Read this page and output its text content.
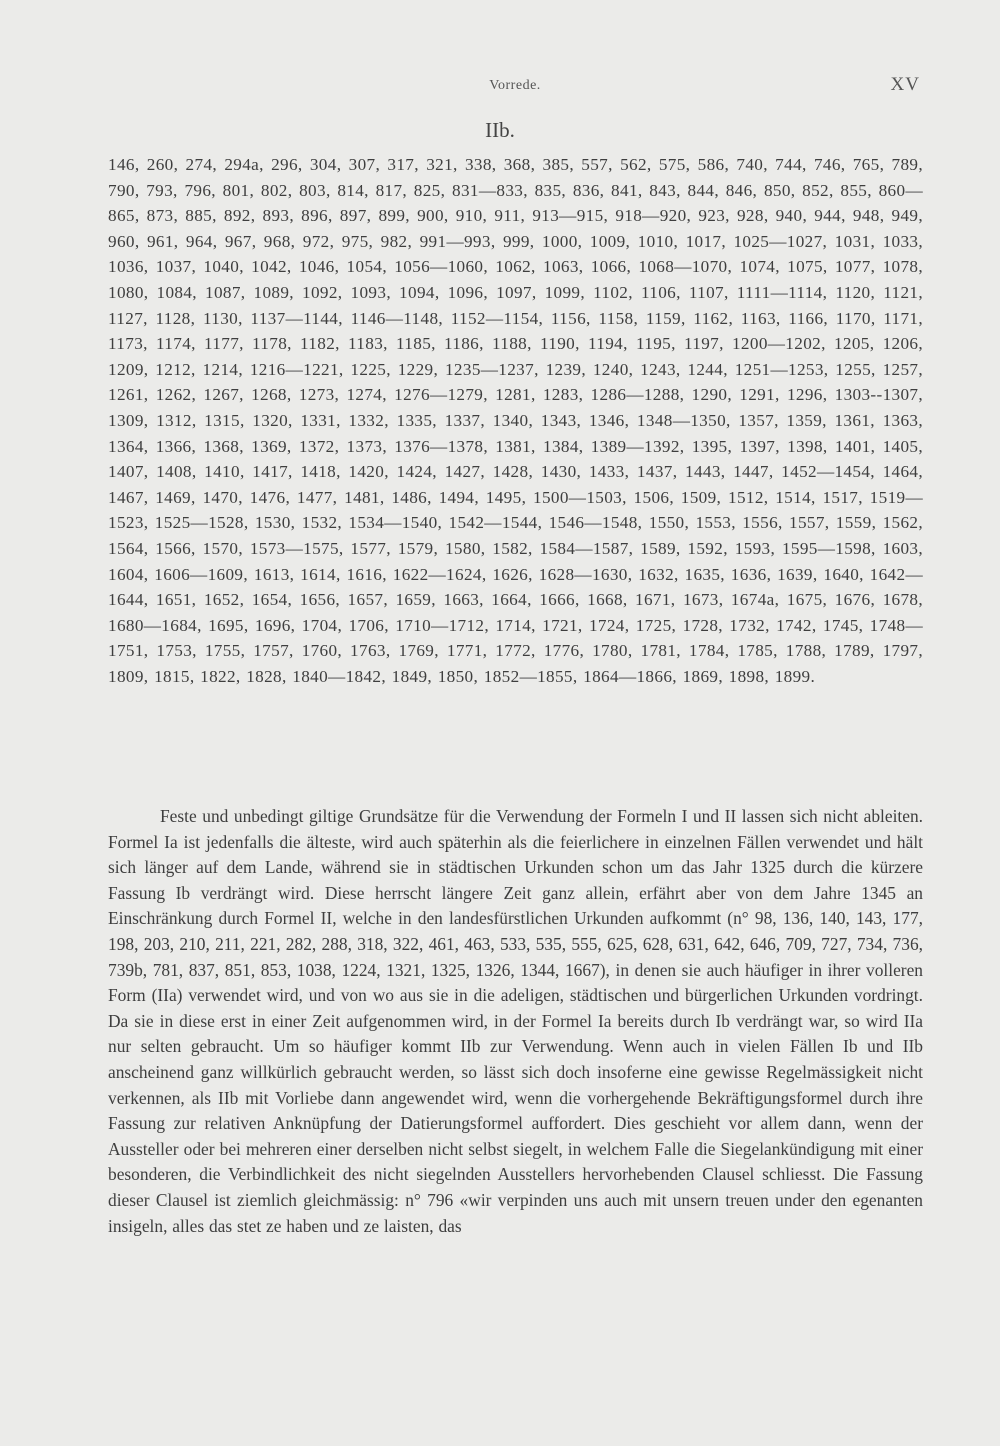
Vorrede.	XV
IIb.
146, 260, 274, 294a, 296, 304, 307, 317, 321, 338, 368, 385, 557, 562, 575, 586, 740, 744, 746, 765, 789, 790, 793, 796, 801, 802, 803, 814, 817, 825, 831—833, 835, 836, 841, 843, 844, 846, 850, 852, 855, 860—865, 873, 885, 892, 893, 896, 897, 899, 900, 910, 911, 913—915, 918—920, 923, 928, 940, 944, 948, 949, 960, 961, 964, 967, 968, 972, 975, 982, 991—993, 999, 1000, 1009, 1010, 1017, 1025—1027, 1031, 1033, 1036, 1037, 1040, 1042, 1046, 1054, 1056—1060, 1062, 1063, 1066, 1068—1070, 1074, 1075, 1077, 1078, 1080, 1084, 1087, 1089, 1092, 1093, 1094, 1096, 1097, 1099, 1102, 1106, 1107, 1111—1114, 1120, 1121, 1127, 1128, 1130, 1137—1144, 1146—1148, 1152—1154, 1156, 1158, 1159, 1162, 1163, 1166, 1170, 1171, 1173, 1174, 1177, 1178, 1182, 1183, 1185, 1186, 1188, 1190, 1194, 1195, 1197, 1200—1202, 1205, 1206, 1209, 1212, 1214, 1216—1221, 1225, 1229, 1235—1237, 1239, 1240, 1243, 1244, 1251—1253, 1255, 1257, 1261, 1262, 1267, 1268, 1273, 1274, 1276—1279, 1281, 1283, 1286—1288, 1290, 1291, 1296, 1303--1307, 1309, 1312, 1315, 1320, 1331, 1332, 1335, 1337, 1340, 1343, 1346, 1348—1350, 1357, 1359, 1361, 1363, 1364, 1366, 1368, 1369, 1372, 1373, 1376—1378, 1381, 1384, 1389—1392, 1395, 1397, 1398, 1401, 1405, 1407, 1408, 1410, 1417, 1418, 1420, 1424, 1427, 1428, 1430, 1433, 1437, 1443, 1447, 1452—1454, 1464, 1467, 1469, 1470, 1476, 1477, 1481, 1486, 1494, 1495, 1500—1503, 1506, 1509, 1512, 1514, 1517, 1519—1523, 1525—1528, 1530, 1532, 1534—1540, 1542—1544, 1546—1548, 1550, 1553, 1556, 1557, 1559, 1562, 1564, 1566, 1570, 1573—1575, 1577, 1579, 1580, 1582, 1584—1587, 1589, 1592, 1593, 1595—1598, 1603, 1604, 1606—1609, 1613, 1614, 1616, 1622—1624, 1626, 1628—1630, 1632, 1635, 1636, 1639, 1640, 1642—1644, 1651, 1652, 1654, 1656, 1657, 1659, 1663, 1664, 1666, 1668, 1671, 1673, 1674a, 1675, 1676, 1678, 1680—1684, 1695, 1696, 1704, 1706, 1710—1712, 1714, 1721, 1724, 1725, 1728, 1732, 1742, 1745, 1748—1751, 1753, 1755, 1757, 1760, 1763, 1769, 1771, 1772, 1776, 1780, 1781, 1784, 1785, 1788, 1789, 1797, 1809, 1815, 1822, 1828, 1840—1842, 1849, 1850, 1852—1855, 1864—1866, 1869, 1898, 1899.

Feste und unbedingt giltige Grundsätze für die Verwendung der Formeln I und II lassen sich nicht ableiten. Formel Ia ist jedenfalls die älteste, wird auch späterhin als die feierlichere in einzelnen Fällen verwendet und hält sich länger auf dem Lande, während sie in städtischen Urkunden schon um das Jahr 1325 durch die kürzere Fassung Ib verdrängt wird. Diese herrscht längere Zeit ganz allein, erfährt aber von dem Jahre 1345 an Einschränkung durch Formel II, welche in den landesfürstlichen Urkunden aufkommt (n° 98, 136, 140, 143, 177, 198, 203, 210, 211, 221, 282, 288, 318, 322, 461, 463, 533, 535, 555, 625, 628, 631, 642, 646, 709, 727, 734, 736, 739b, 781, 837, 851, 853, 1038, 1224, 1321, 1325, 1326, 1344, 1667), in denen sie auch häufiger in ihrer volleren Form (IIa) verwendet wird, und von wo aus sie in die adeligen, städtischen und bürgerlichen Urkunden vordringt. Da sie in diese erst in einer Zeit aufgenommen wird, in der Formel Ia bereits durch Ib verdrängt war, so wird IIa nur selten gebraucht. Um so häufiger kommt IIb zur Verwendung. Wenn auch in vielen Fällen Ib und IIb anscheinend ganz willkürlich gebraucht werden, so lässt sich doch insoferne eine gewisse Regelmässigkeit nicht verkennen, als IIb mit Vorliebe dann angewendet wird, wenn die vorhergehende Bekräftigungsformel durch ihre Fassung zur relativen Anknüpfung der Datierungsformel auffordert. Dies geschieht vor allem dann, wenn der Aussteller oder bei mehreren einer derselben nicht selbst siegelt, in welchem Falle die Siegelankündigung mit einer besonderen, die Verbindlichkeit des nicht siegelnden Ausstellers hervorhebenden Clausel schliesst. Die Fassung dieser Clausel ist ziemlich gleichmässig: n° 796 «wir verpinden uns auch mit unsern treuen under den egenanten insigeln, alles das stet ze haben und ze laisten, das
